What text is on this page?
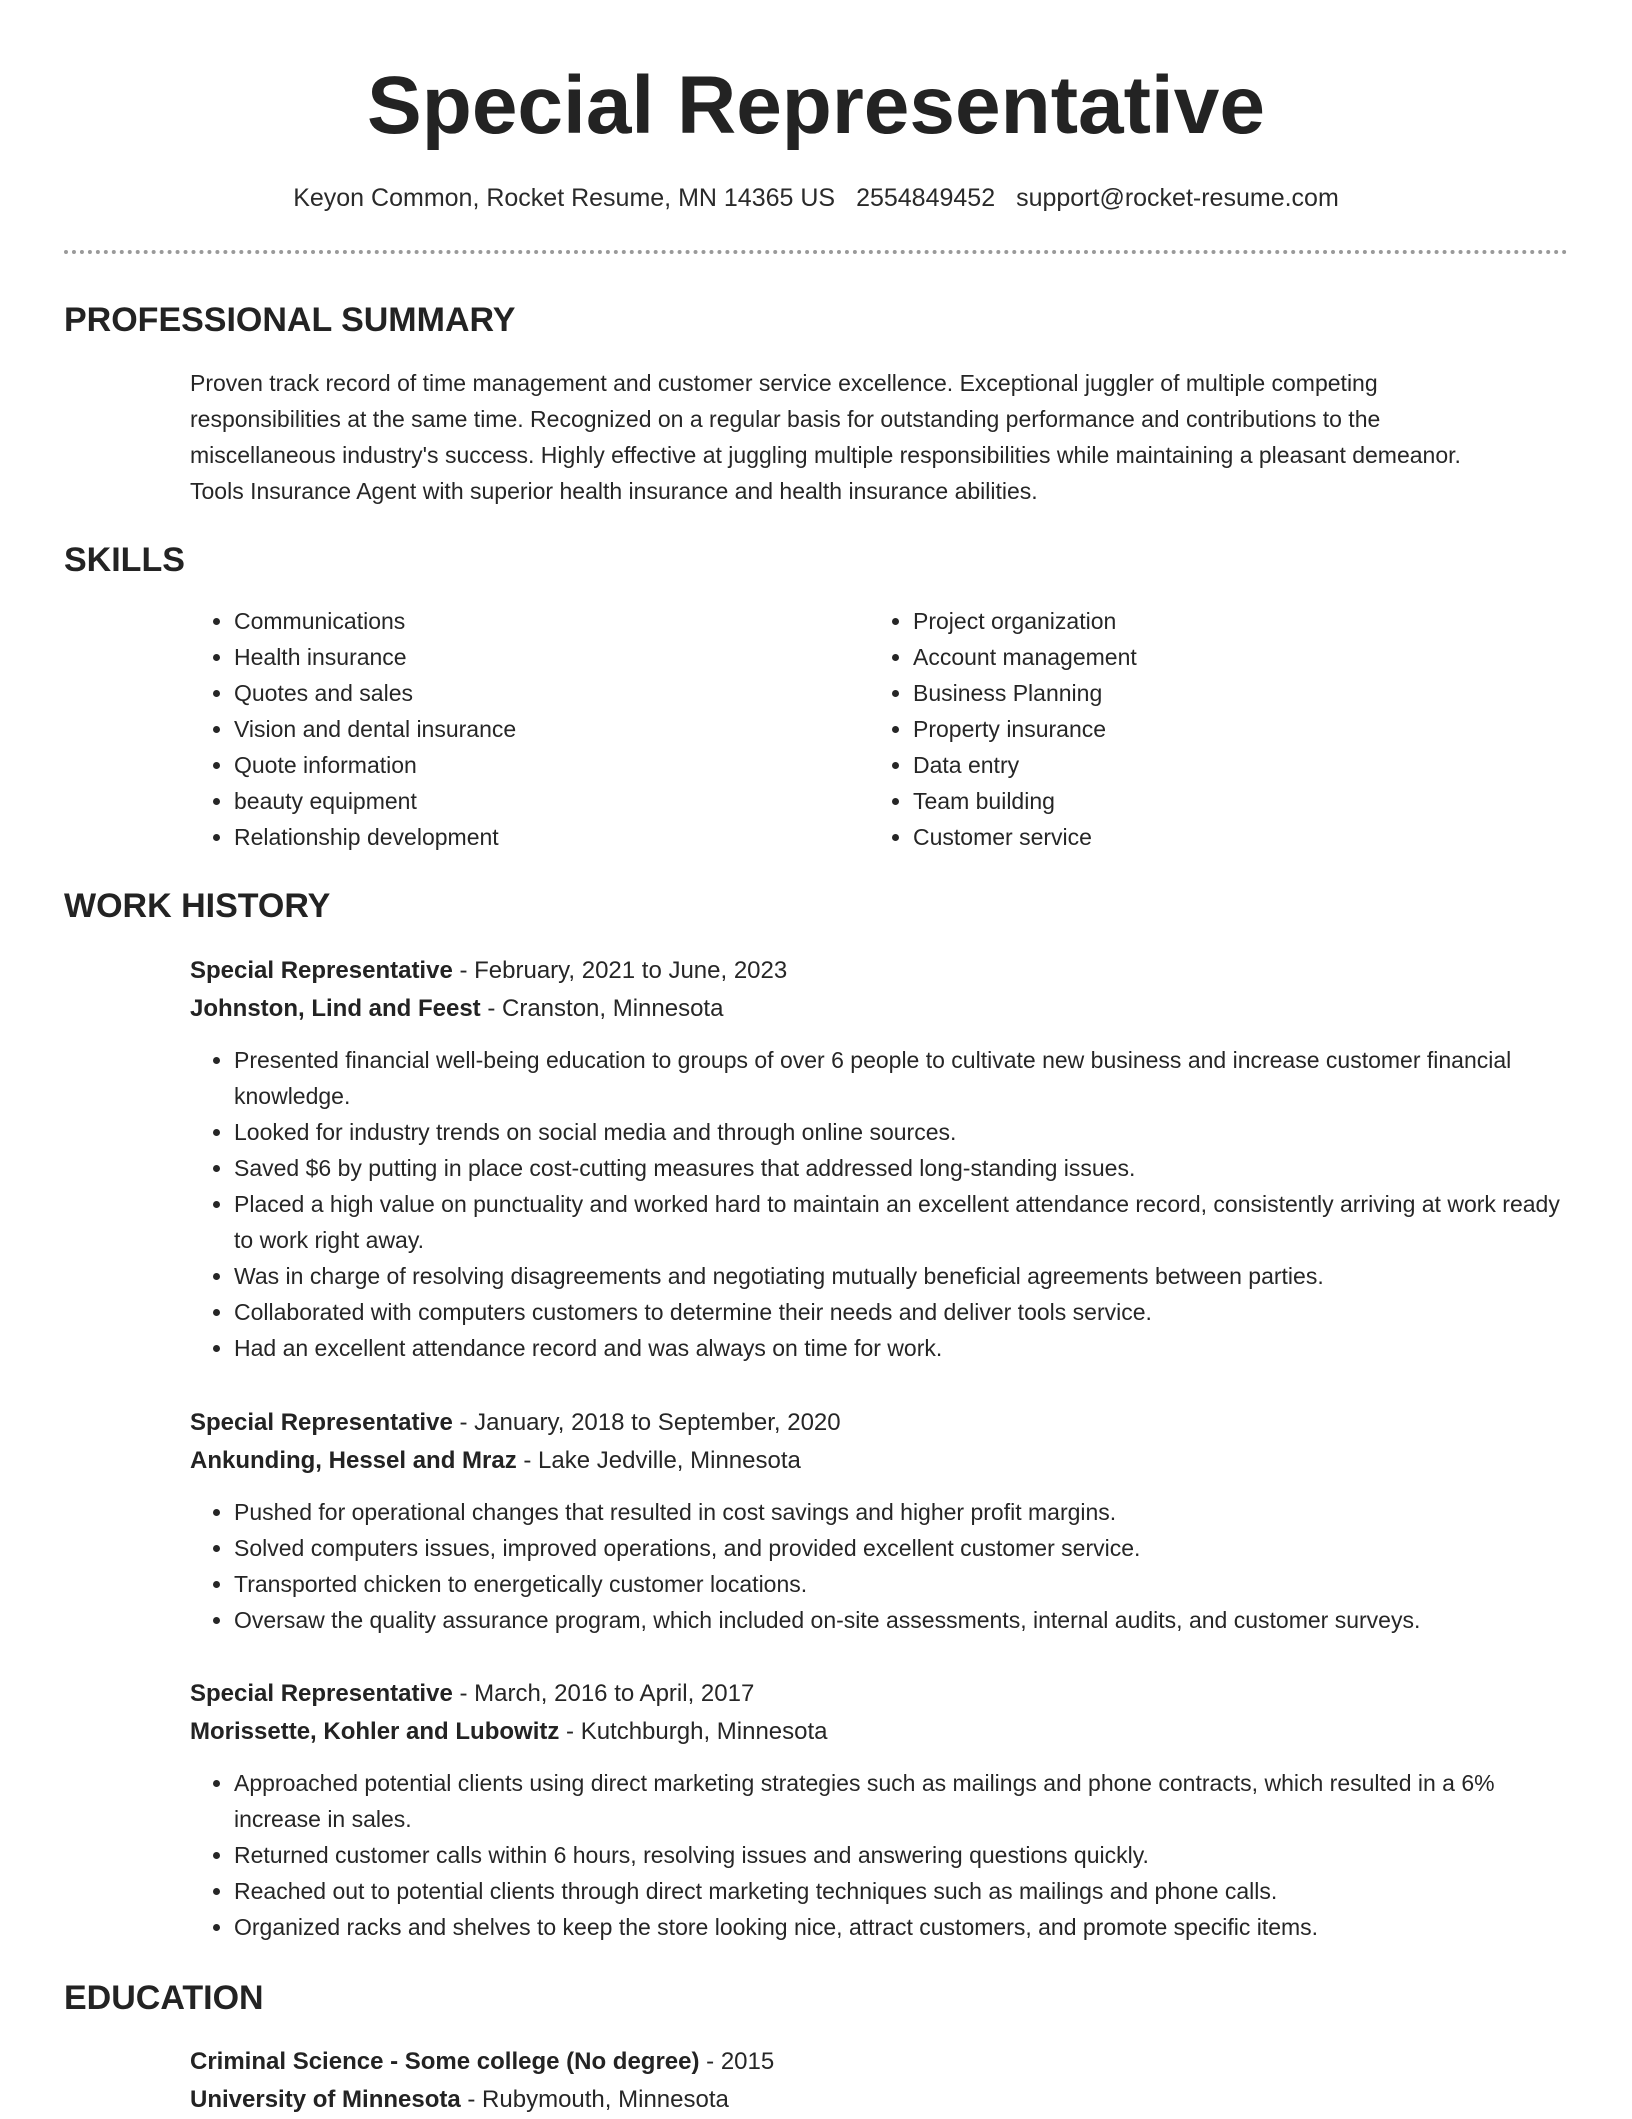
Special Representative
Keyon Common, Rocket Resume, MN 14365 US 2554849452 support@rocket-resume.com
PROFESSIONAL SUMMARY

Proven track record of time management and customer service excellence. Exceptional juggler of multiple competing responsibilities at the same time. Recognized on a regular basis for outstanding performance and contributions to the miscellaneous industry's success. Highly effective at juggling multiple responsibilities while maintaining a pleasant demeanor. Tools Insurance Agent with superior health insurance and health insurance abilities.

SKILLS
• Communications
• Health insurance
• Quotes and sales
• Vision and dental insurance
• Quote information
• beauty equipment
• Relationship development
• Project organization
• Account management
• Business Planning
• Property insurance
• Data entry
• Team building
• Customer service
WORK HISTORY

Special Representative - February, 2021 to June, 2023

Johnston, Lind and Feest - Cranston, Minnesota

• Presented financial well-being education to groups of over 6 people to cultivate new business and increase customer financial knowledge.
• Looked for industry trends on social media and through online sources.
• Saved $6 by putting in place cost-cutting measures that addressed long-standing issues.
• Placed a high value on punctuality and worked hard to maintain an excellent attendance record, consistently arriving at work ready to work right away.
• Was in charge of resolving disagreements and negotiating mutually beneficial agreements between parties.
• Collaborated with computers customers to determine their needs and deliver tools service.
• Had an excellent attendance record and was always on time for work.

Special Representative - January, 2018 to September, 2020

Ankunding, Hessel and Mraz - Lake Jedville, Minnesota

• Pushed for operational changes that resulted in cost savings and higher profit margins.
• Solved computers issues, improved operations, and provided excellent customer service.
• Transported chicken to energetically customer locations.
• Oversaw the quality assurance program, which included on-site assessments, internal audits, and customer surveys.

Special Representative - March, 2016 to April, 2017

Morissette, Kohler and Lubowitz - Kutchburgh, Minnesota

• Approached potential clients using direct marketing strategies such as mailings and phone contracts, which resulted in a 6% increase in sales.
• Returned customer calls within 6 hours, resolving issues and answering questions quickly.
• Reached out to potential clients through direct marketing techniques such as mailings and phone calls.
• Organized racks and shelves to keep the store looking nice, attract customers, and promote specific items.
EDUCATION

Criminal Science - Some college (No degree) - 2015

University of Minnesota - Rubymouth, Minnesota
